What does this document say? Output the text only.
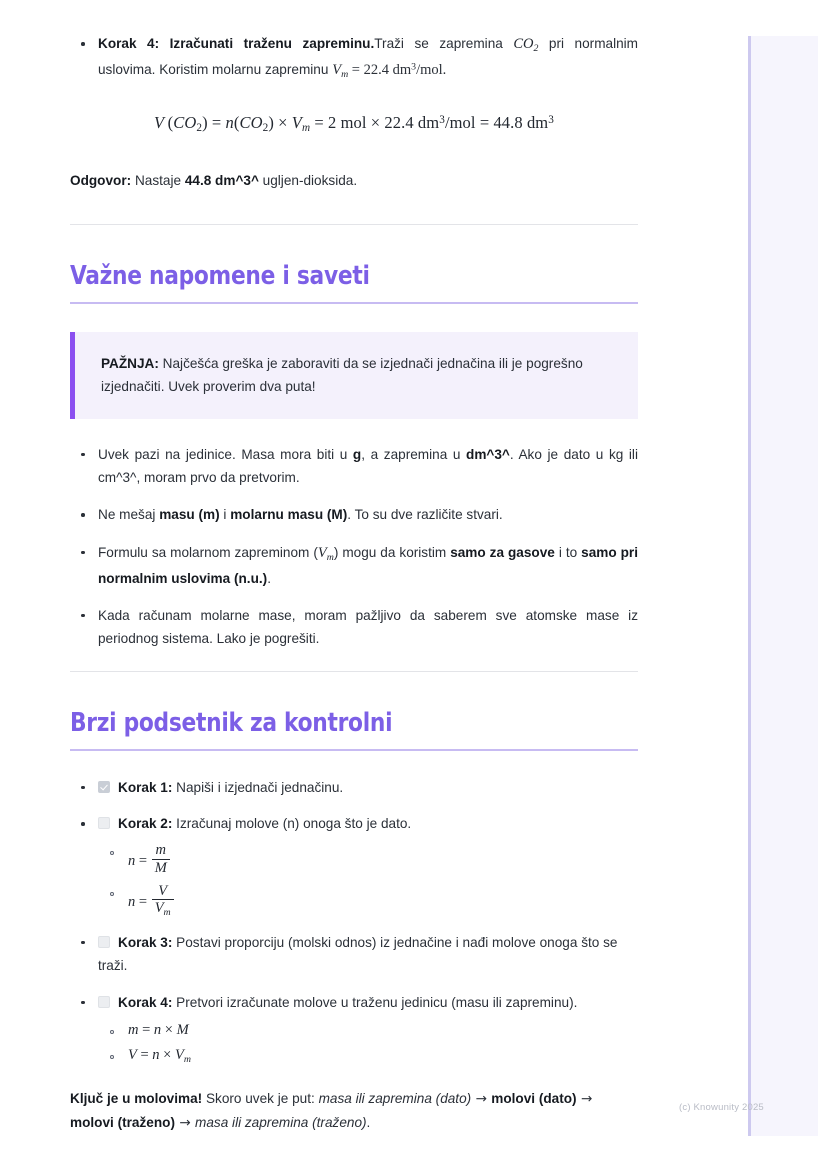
Korak 4: Izračunati traženu zapreminu.Traži se zapremina $CO_2$ pri normalnim uslovima. Koristim molarnu zapreminu $V_m = 22.4$ $dm^3$/mol.

V $(CO_2) = n(CO_2) \times V_m = 2$ mol × 22.4 $dm^3$/mol = 44.8 $dm^3$

Odgovor: Nastaje 44.8 dm^3^ ugljen-dioksida.

Važne napomene i saveti

PAŽNJA: Najčešća greška je zaboraviti da se izjednači jednačina ili je pogrešno izjednačiti. Uvek proverim dva puta!

Uvek pazi na jedinice. Masa mora biti u g, a zapremina u dm^3^. Ako je dato u kg ili cm^3^, moram prvo da pretvorim.

Ne mešaj masu (m) i molarnu masu (M). To su dve različite stvari.

Formulu sa molarnom zapreminom $(V_m)$ mogu da koristim samo za gasove i to samo pri normalnim uslovima (n.u.).

Kada računam molarne mase, moram pažljivo da saberem sve atomske mase iz periodnog sistema. Lako je pogrešiti.

Brzi podsetnik za kontrolni

Korak 1: Napiši i izjednači jednačinu.

Korak 2: Izračunaj molove (n) onoga što je dato.

$n = \frac{m}{M}$
$n = \frac{V}{V_m}$

Korak 3: Postavi proporciju (molski odnos) iz jednačine i nađi molove onoga što se traži.

Korak 4: Pretvori izračunate molove u traženu jedinicu (masu ili zapreminu).

m = n × M
$V = n \times V_m$

Ključ je u molovima! Skoro uvek je put: masa ili zapremina (dato) → molovi (dato) → molovi (traženo) → masa ili zapremina (traženo).

(c) Knowunity 2025
